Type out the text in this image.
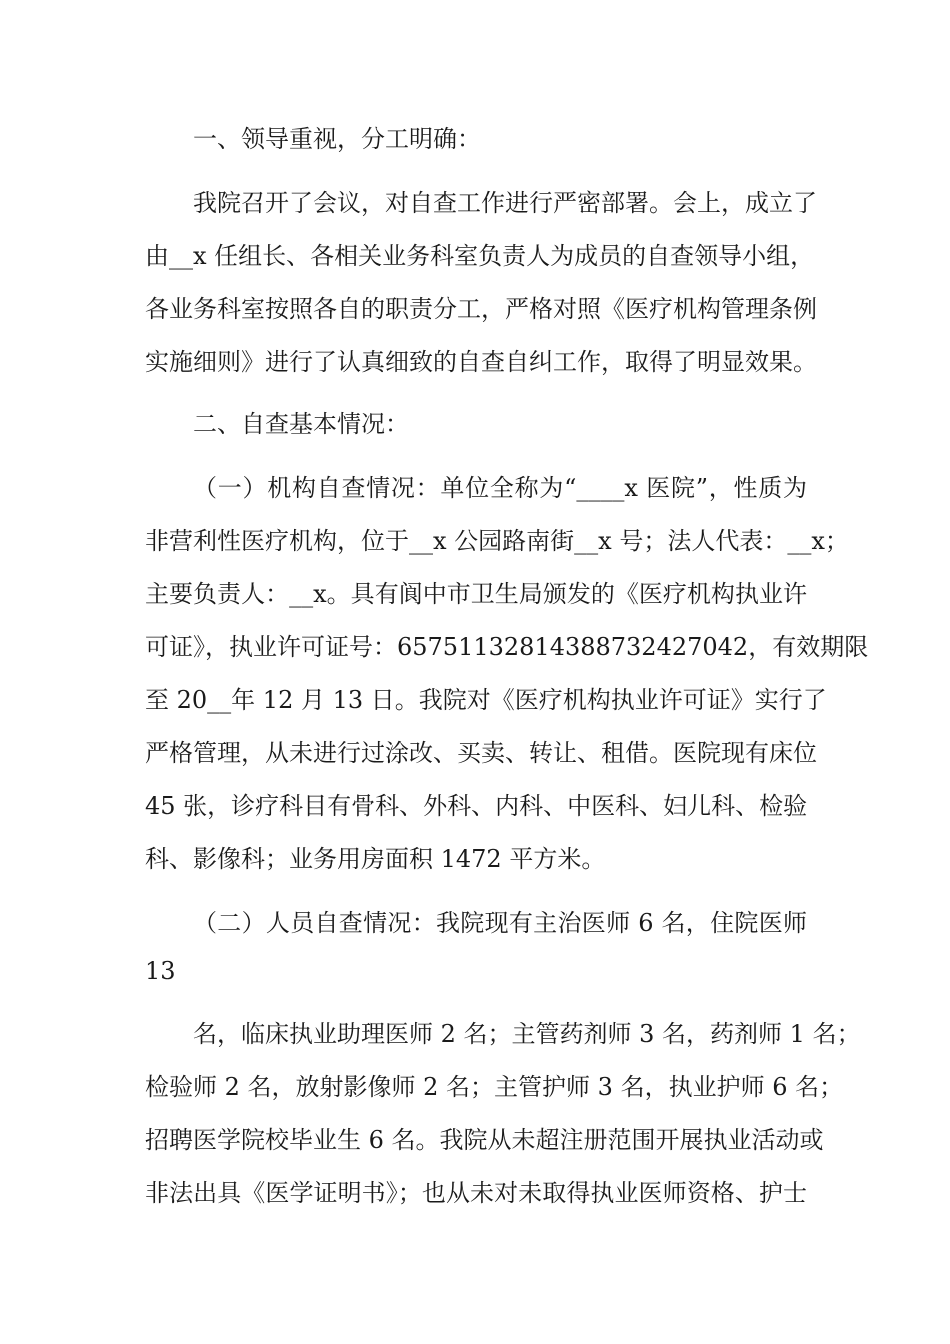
一、领导重视，分工明确：
我院召开了会议，对自查工作进行严密部署。会上，成立了
由__x 任组长、各相关业务科室负责人为成员的自查领导小组，
各业务科室按照各自的职责分工，严格对照《医疗机构管理条例
实施细则》进行了认真细致的自查自纠工作，取得了明显效果。
二、自查基本情况：
（一）机构自查情况：单位全称为“____x 医院”，性质为
非营利性医疗机构，位于__x 公园路南街__x 号；法人代表：__x；
主要负责人：__x。具有阆中市卫生局颁发的《医疗机构执业许
可证》，执业许可证号：65751132814388732427042，有效期限
至 20__年 12 月 13 日。我院对《医疗机构执业许可证》实行了
严格管理，从未进行过涂改、买卖、转让、租借。医院现有床位
45 张，诊疗科目有骨科、外科、内科、中医科、妇儿科、检验
科、影像科；业务用房面积 1472 平方米。
（二）人员自查情况：我院现有主治医师 6 名，住院医师
13
名，临床执业助理医师 2 名；主管药剂师 3 名，药剂师 1 名；
检验师 2 名，放射影像师 2 名；主管护师 3 名，执业护师 6 名；
招聘医学院校毕业生 6 名。我院从未超注册范围开展执业活动或
非法出具《医学证明书》；也从未对未取得执业医师资格、护士
